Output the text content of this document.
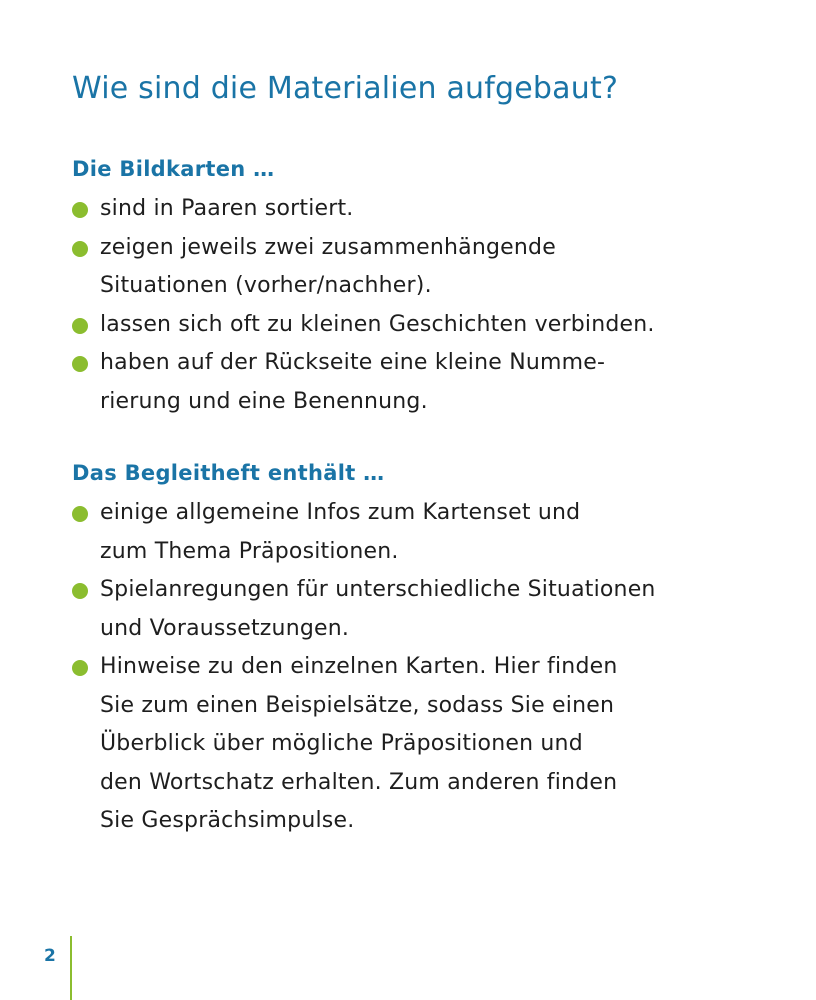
Wie sind die Materialien aufgebaut?
Die Bildkarten …
sind in Paaren sortiert.
zeigen jeweils zwei zusammenhängende
Situationen (vorher/nachher).
lassen sich oft zu kleinen Geschichten verbinden.
haben auf der Rückseite eine kleine Numme-
rierung und eine Benennung.
Das Begleitheft enthält …
einige allgemeine Infos zum Kartenset und
zum Thema Präpositionen.
Spielanregungen für unterschiedliche Situationen
und Voraussetzungen.
Hinweise zu den einzelnen Karten. Hier finden
Sie zum einen Beispielsätze, sodass Sie einen
Überblick über mögliche Präpositionen und
den Wortschatz erhalten. Zum anderen finden
Sie Gesprächsimpulse.
2
